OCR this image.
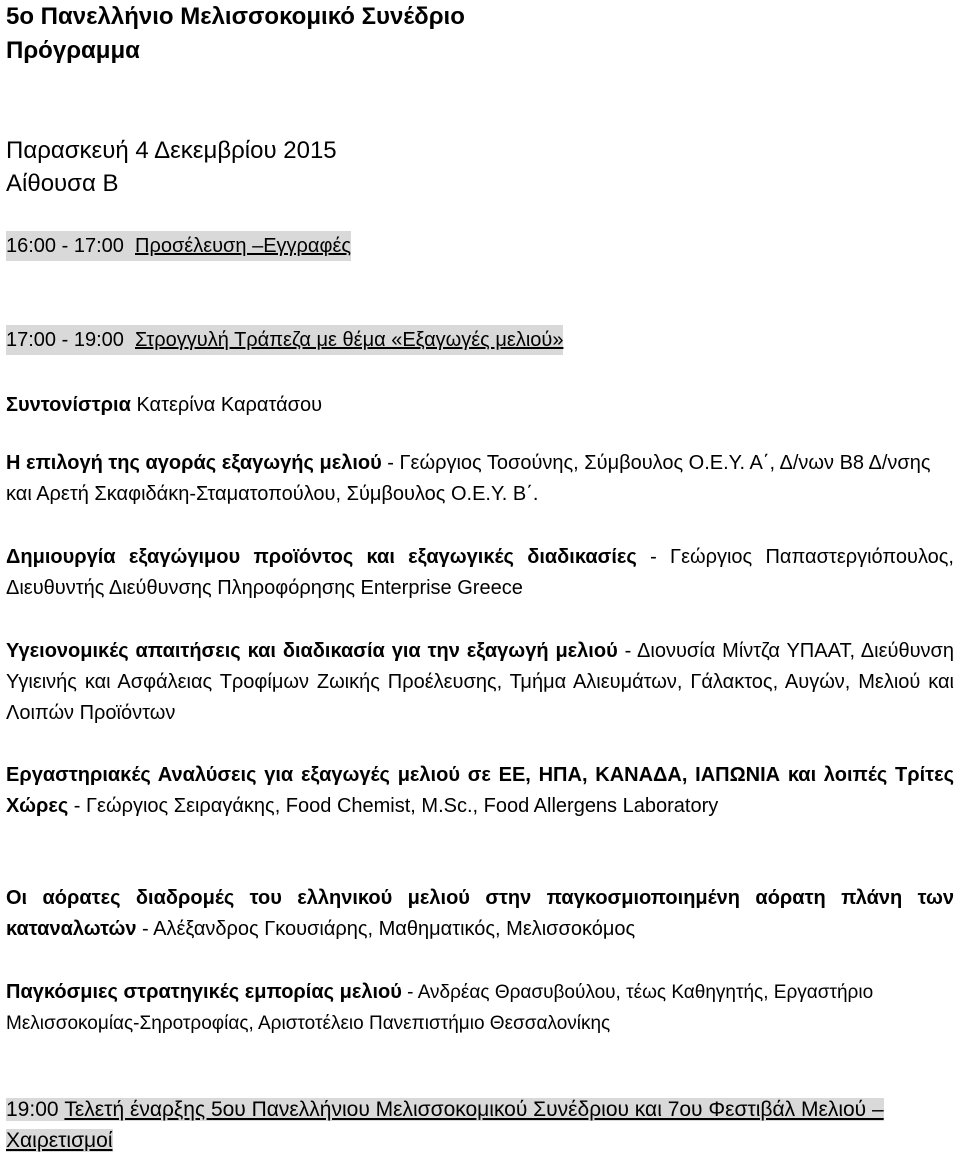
5ο Πανελλήνιο Μελισσοκομικό Συνέδριο
Πρόγραμμα
Παρασκευή 4 Δεκεμβρίου 2015
Αίθουσα Β
16:00 - 17:00 Προσέλευση –Εγγραφές
17:00 - 19:00 Στρογγυλή Τράπεζα με θέμα «Εξαγωγές μελιού»
Συντονίστρια Κατερίνα Καρατάσου
Η επιλογή της αγοράς εξαγωγής μελιού - Γεώργιος Τοσούνης, Σύμβουλος Ο.Ε.Υ. Α΄, Δ/νων Β8 Δ/νσης και Αρετή Σκαφιδάκη-Σταματοπούλου, Σύμβουλος Ο.Ε.Υ. Β΄.
Δημιουργία εξαγώγιμου προϊόντος και εξαγωγικές διαδικασίες - Γεώργιος Παπαστεργιόπουλος, Διευθυντής Διεύθυνσης Πληροφόρησης Enterprise Greece
Υγειονομικές απαιτήσεις και διαδικασία για την εξαγωγή μελιού - Διονυσία Μίντζα ΥΠΑΑΤ, Διεύθυνση Υγιεινής και Ασφάλειας Τροφίμων Ζωικής Προέλευσης, Τμήμα Αλιευμάτων, Γάλακτος, Αυγών, Μελιού και Λοιπών Προϊόντων
Εργαστηριακές Αναλύσεις για εξαγωγές μελιού σε ΕΕ, ΗΠΑ, ΚΑΝΑΔΑ, ΙΑΠΩΝΙΑ και λοιπές Τρίτες Χώρες - Γεώργιος Σειραγάκης, Food Chemist, M.Sc., Food Allergens Laboratory
Οι αόρατες διαδρομές του ελληνικού μελιού στην παγκοσμιοποιημένη αόρατη πλάνη των καταναλωτών - Αλέξανδρος Γκουσιάρης, Μαθηματικός, Μελισσοκόμος
Παγκόσμιες στρατηγικές εμπορίας μελιού - Ανδρέας Θρασυβούλου, τέως Καθηγητής, Εργαστήριο Μελισσοκομίας-Σηροτροφίας, Αριστοτέλειο Πανεπιστήμιο Θεσσαλονίκης
19:00 Τελετή έναρξης 5ου Πανελλήνιου Μελισσοκομικού Συνέδριου και 7ου Φεστιβάλ Μελιού –Χαιρετισμοί
